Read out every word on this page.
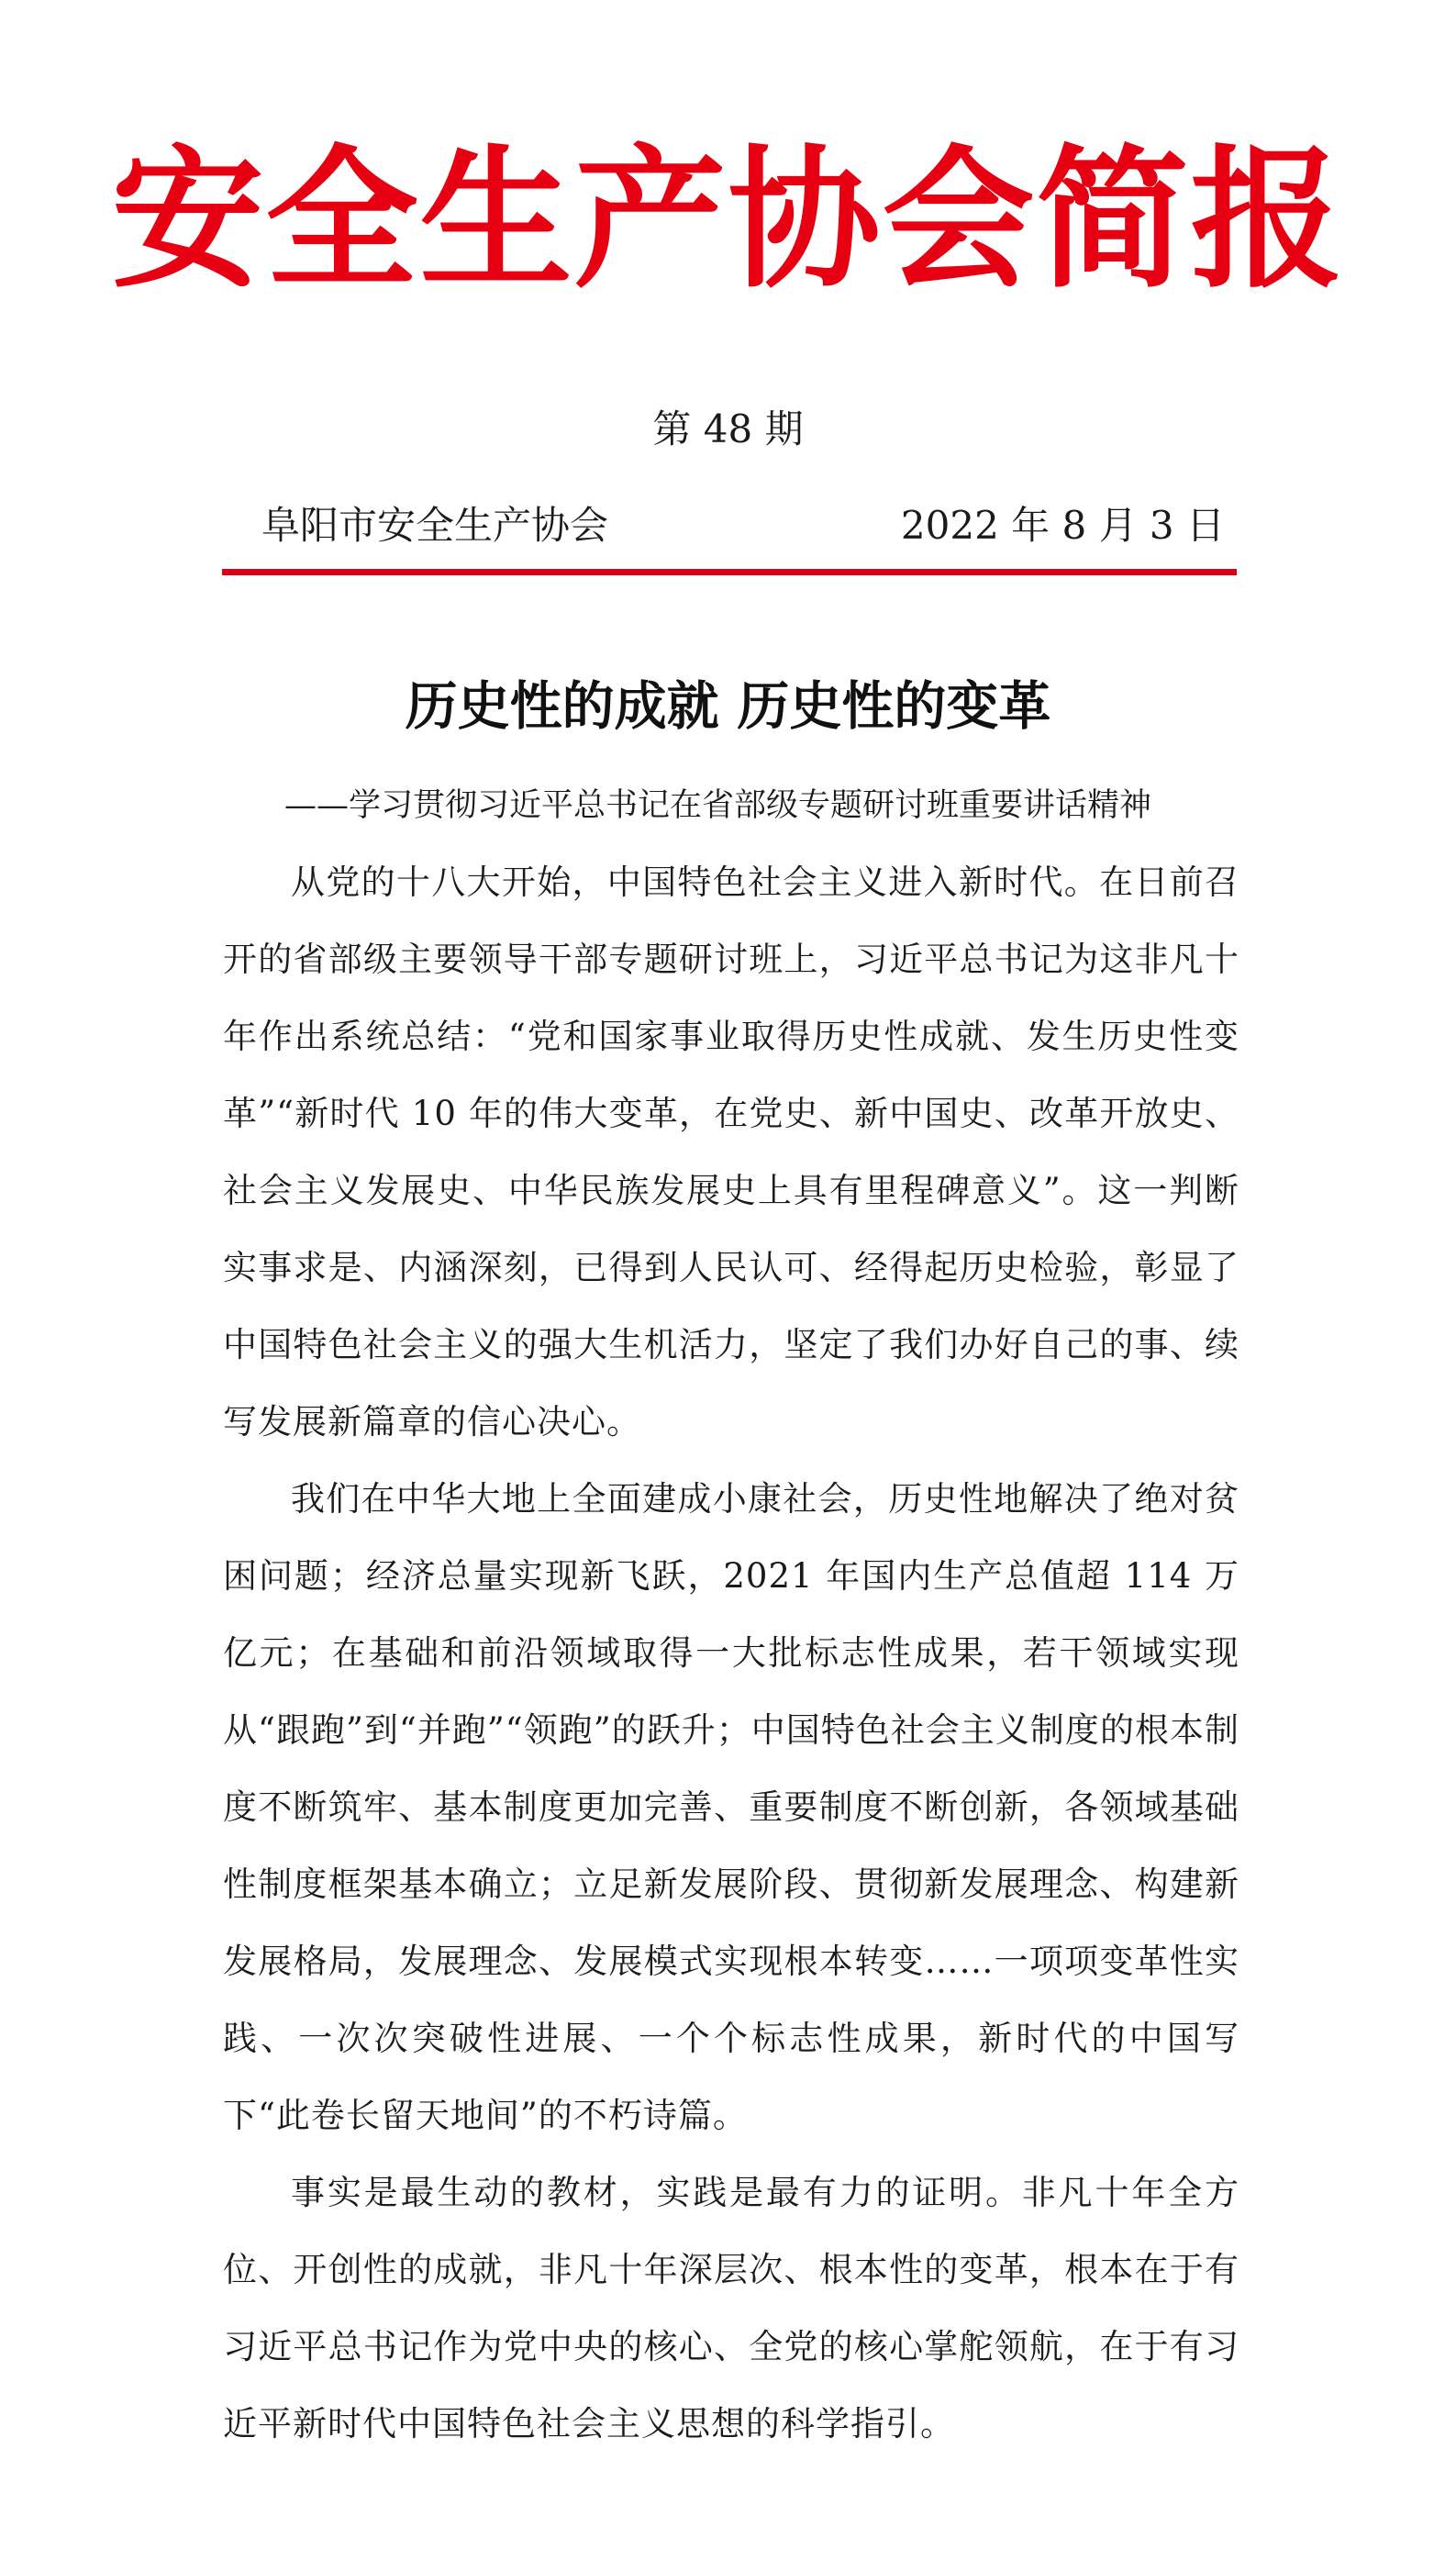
安全生产协会简报

第 48 期

阜阳市安全生产协会	2022 年 8 月 3 日
历史性的成就 历史性的变革

——学习贯彻习近平总书记在省部级专题研讨班重要讲话精神

从党的十八大开始，中国特色社会主义进入新时代。在日前召开的省部级主要领导干部专题研讨班上，习近平总书记为这非凡十年作出系统总结：“党和国家事业取得历史性成就、发生历史性变革”“新时代 10 年的伟大变革，在党史、新中国史、改革开放史、社会主义发展史、中华民族发展史上具有里程碑意义”。这一判断实事求是、内涵深刻，已得到人民认可、经得起历史检验，彰显了中国特色社会主义的强大生机活力，坚定了我们办好自己的事、续写发展新篇章的信心决心。

我们在中华大地上全面建成小康社会，历史性地解决了绝对贫困问题；经济总量实现新飞跃，2021 年国内生产总值超 114 万亿元；在基础和前沿领域取得一大批标志性成果，若干领域实现从“跟跑”到“并跑”“领跑”的跃升；中国特色社会主义制度的根本制度不断筑牢、基本制度更加完善、重要制度不断创新，各领域基础性制度框架基本确立；立足新发展阶段、贯彻新发展理念、构建新发展格局，发展理念、发展模式实现根本转变……一项项变革性实践、一次次突破性进展、一个个标志性成果，新时代的中国写下“此卷长留天地间”的不朽诗篇。

事实是最生动的教材，实践是最有力的证明。非凡十年全方位、开创性的成就，非凡十年深层次、根本性的变革，根本在于有习近平总书记作为党中央的核心、全党的核心掌舵领航，在于有习近平新时代中国特色社会主义思想的科学指引。
